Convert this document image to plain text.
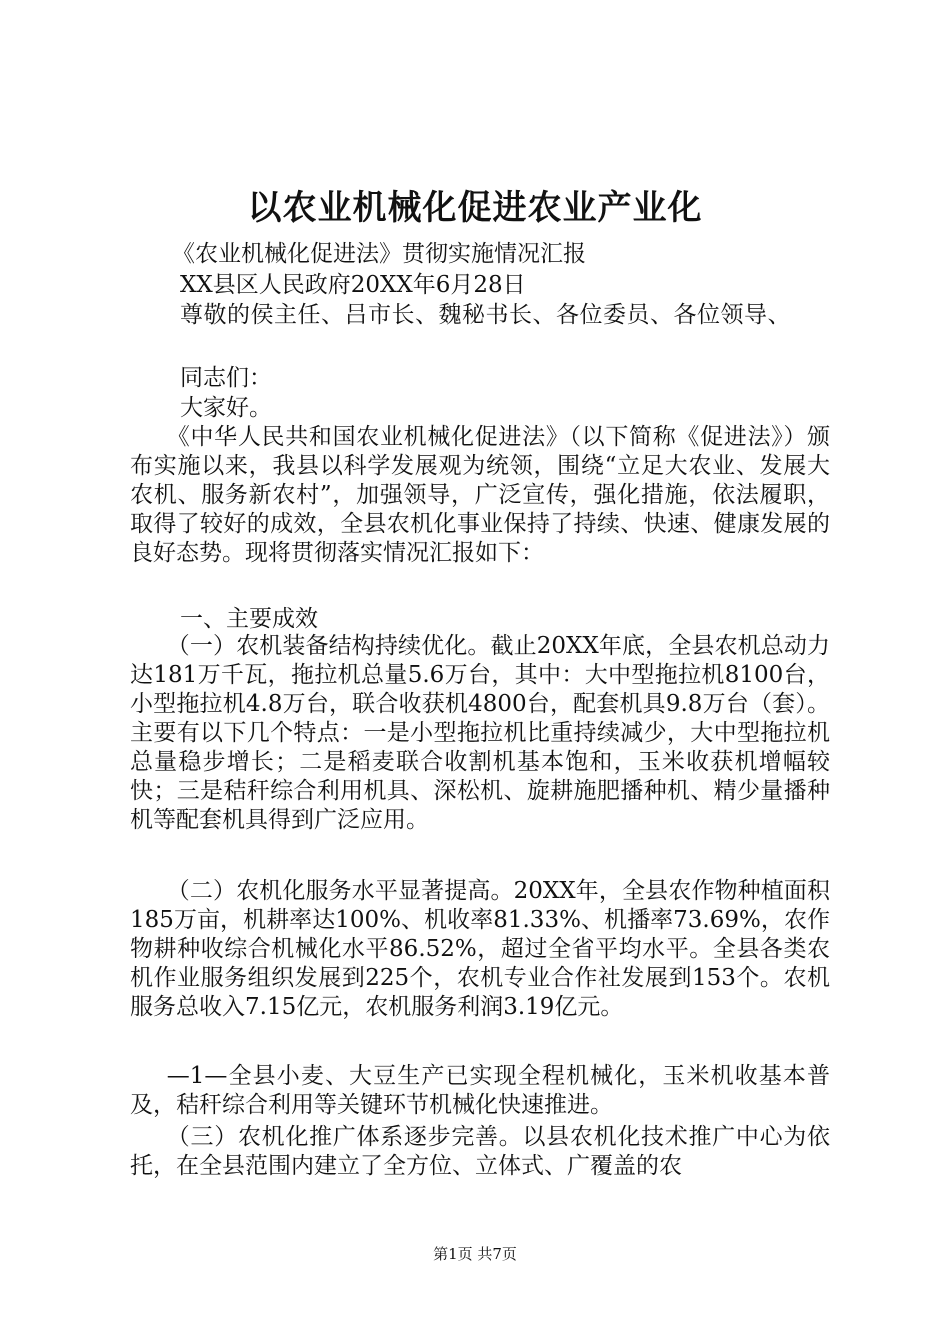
以农业机械化促进农业产业化
《农业机械化促进法》贯彻实施情况汇报
XX县区人民政府20XX年6月28日
尊敬的侯主任、吕市长、魏秘书长、各位委员、各位领导、
同志们：
大家好。
《中华人民共和国农业机械化促进法》（以下简称《促进法》）颁布实施以来，我县以科学发展观为统领，围绕“立足大农业、发展大农机、服务新农村”，加强领导，广泛宣传，强化措施，依法履职，取得了较好的成效，全县农机化事业保持了持续、快速、健康发展的良好态势。现将贯彻落实情况汇报如下：
一、主要成效
（一）农机装备结构持续优化。截止20XX年底，全县农机总动力达181万千瓦，拖拉机总量5.6万台，其中：大中型拖拉机8100台，小型拖拉机4.8万台，联合收获机4800台，配套机具9.8万台（套）。主要有以下几个特点：一是小型拖拉机比重持续减少，大中型拖拉机总量稳步增长；二是稻麦联合收割机基本饱和，玉米收获机增幅较快；三是秸秆综合利用机具、深松机、旋耕施肥播种机、精少量播种机等配套机具得到广泛应用。
（二）农机化服务水平显著提高。20XX年，全县农作物种植面积185万亩，机耕率达100%、机收率81.33%、机播率73.69%，农作物耕种收综合机械化水平86.52%，超过全省平均水平。全县各类农机作业服务组织发展到225个，农机专业合作社发展到153个。农机服务总收入7.15亿元，农机服务利润3.19亿元。
—1—全县小麦、大豆生产已实现全程机械化，玉米机收基本普及，秸秆综合利用等关键环节机械化快速推进。
（三）农机化推广体系逐步完善。以县农机化技术推广中心为依托，在全县范围内建立了全方位、立体式、广覆盖的农
第1页 共7页
